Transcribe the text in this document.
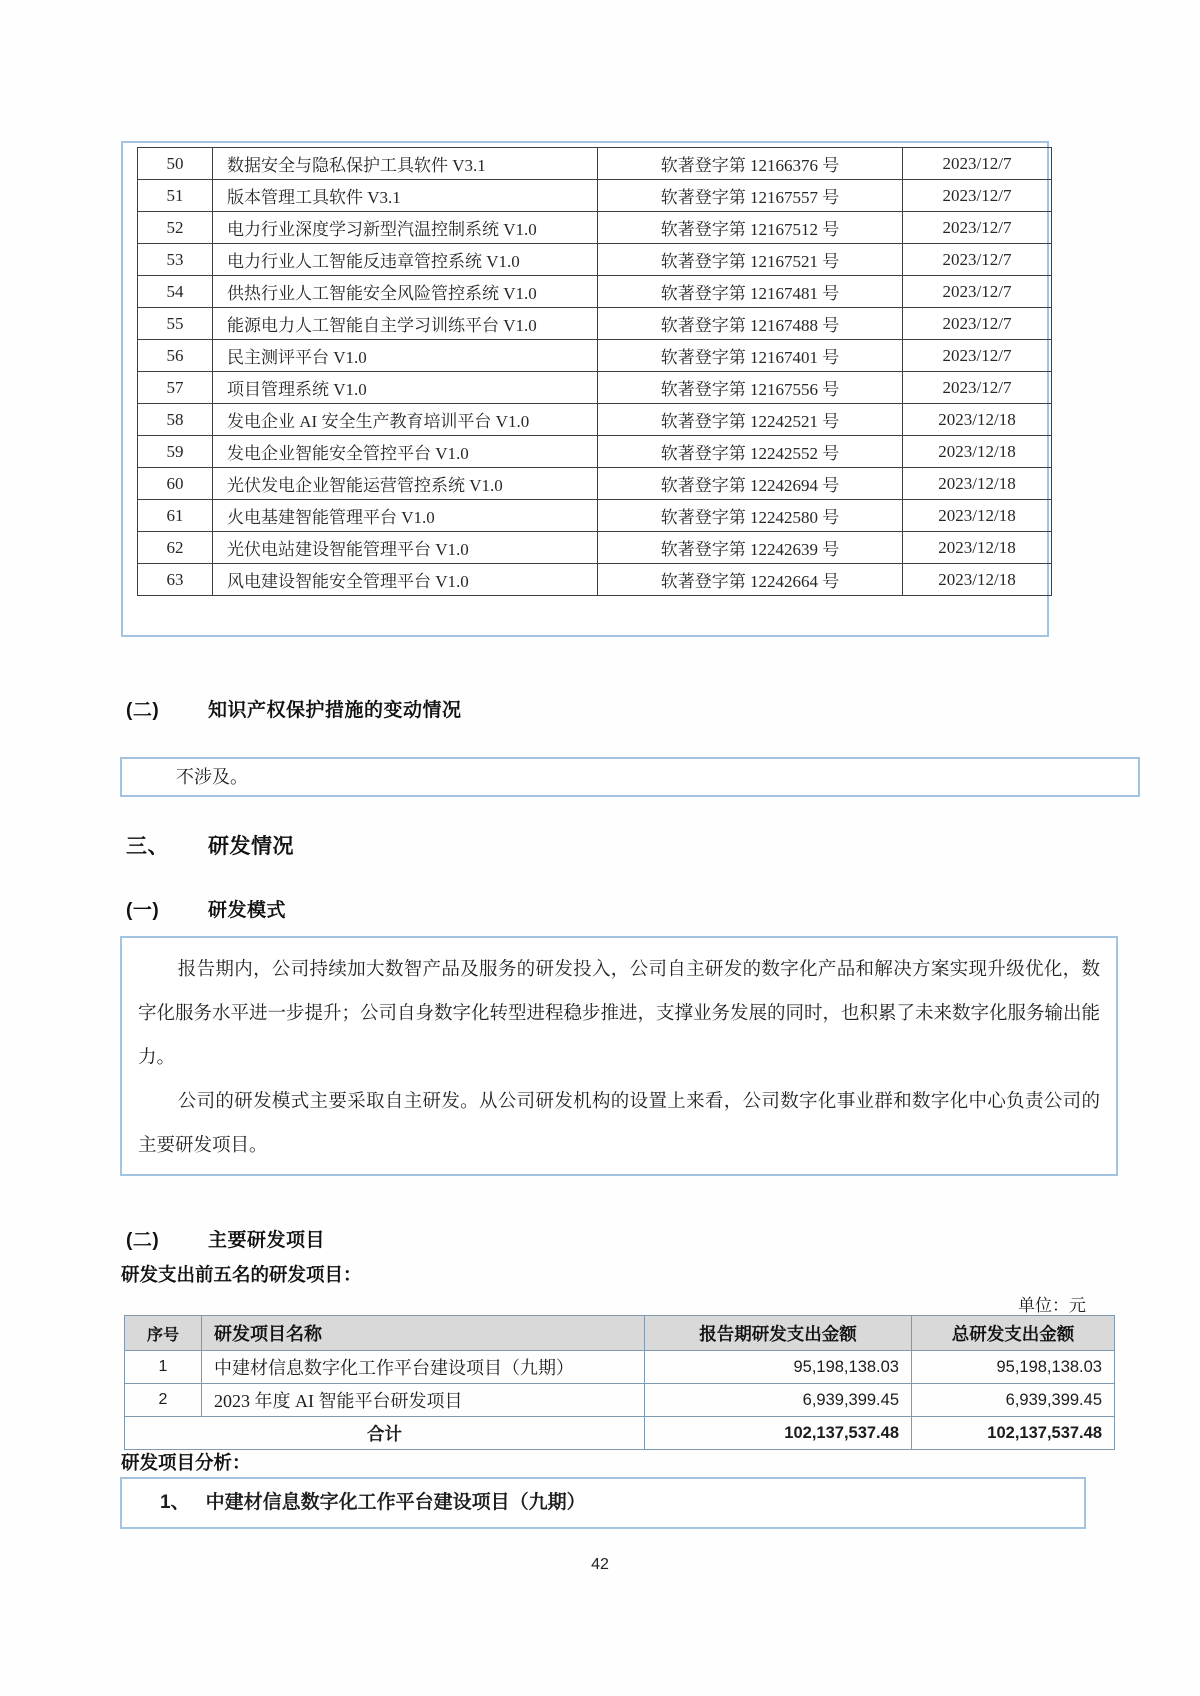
50	数据安全与隐私保护工具软件 V3.1	软著登字第 12166376 号	2023/12/7
51	版本管理工具软件 V3.1	软著登字第 12167557 号	2023/12/7
52	电力行业深度学习新型汽温控制系统 V1.0	软著登字第 12167512 号	2023/12/7
53	电力行业人工智能反违章管控系统 V1.0	软著登字第 12167521 号	2023/12/7
54	供热行业人工智能安全风险管控系统 V1.0	软著登字第 12167481 号	2023/12/7
55	能源电力人工智能自主学习训练平台 V1.0	软著登字第 12167488 号	2023/12/7
56	民主测评平台 V1.0	软著登字第 12167401 号	2023/12/7
57	项目管理系统 V1.0	软著登字第 12167556 号	2023/12/7
58	发电企业 AI 安全生产教育培训平台 V1.0	软著登字第 12242521 号	2023/12/18
59	发电企业智能安全管控平台 V1.0	软著登字第 12242552 号	2023/12/18
60	光伏发电企业智能运营管控系统 V1.0	软著登字第 12242694 号	2023/12/18
61	火电基建智能管理平台 V1.0	软著登字第 12242580 号	2023/12/18
62	光伏电站建设智能管理平台 V1.0	软著登字第 12242639 号	2023/12/18
63	风电建设智能安全管理平台 V1.0	软著登字第 12242664 号	2023/12/18
(二)	知识产权保护措施的变动情况
不涉及。
三、 研发情况
(一)	研发模式

报告期内，公司持续加大数智产品及服务的研发投入，公司自主研发的数字化产品和解决方案实现升级优化，数字化服务水平进一步提升；公司自身数字化转型进程稳步推进，支撑业务发展的同时，也积累了未来数字化服务输出能力。

公司的研发模式主要采取自主研发。从公司研发机构的设置上来看，公司数字化事业群和数字化中心负责公司的主要研发项目。

(二)	主要研发项目
研发支出前五名的研发项目：
单位：元
序号	研发项目名称	报告期研发支出金额	总研发支出金额
1	中建材信息数字化工作平台建设项目（九期）	95,198,138.03	95,198,138.03
2	2023 年度 AI 智能平台研发项目	6,939,399.45	6,939,399.45
合计		102,137,537.48	102,137,537.48
研发项目分析：
1、 中建材信息数字化工作平台建设项目（九期）
42
